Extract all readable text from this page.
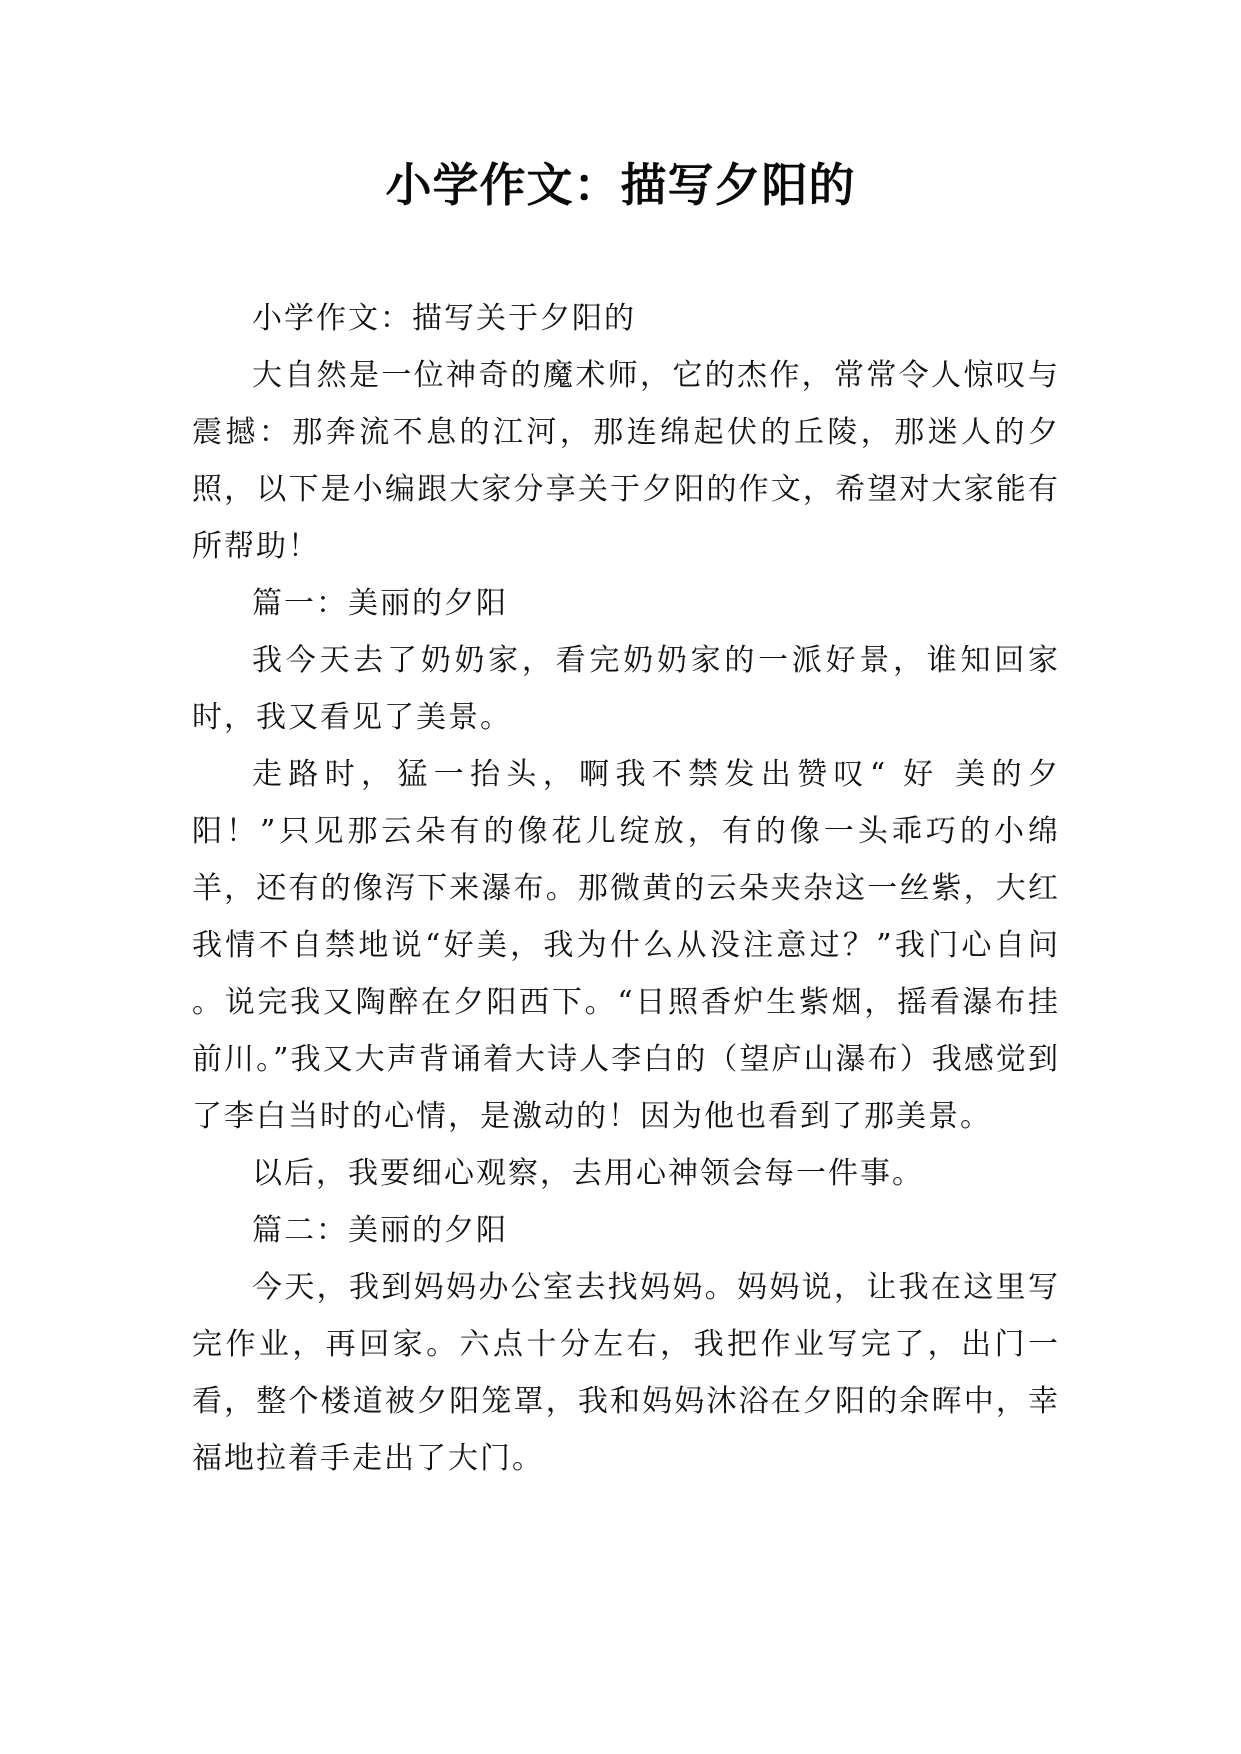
小学作文：描写夕阳的

小学作文：描写关于夕阳的

大自然是一位神奇的魔术师，它的杰作，常常令人惊叹与震撼：那奔流不息的江河，那连绵起伏的丘陵，那迷人的夕照，以下是小编跟大家分享关于夕阳的作文，希望对大家能有所帮助！

篇一：美丽的夕阳

我今天去了奶奶家，看完奶奶家的一派好景，谁知回家时，我又看见了美景。

走路时，猛一抬头，啊我不禁发出赞叹“ 好 美的夕阳！”只见那云朵有的像花儿绽放，有的像一头乖巧的小绵羊，还有的像泻下来瀑布。那微黄的云朵夹杂这一丝紫，大红我情不自禁地说“好美，我为什么从没注意过？”我门心自问 。说完我又陶醉在夕阳西下。“日照香炉生紫烟，摇看瀑布挂前川。”我又大声背诵着大诗人李白的（望庐山瀑布）我感觉到了李白当时的心情，是激动的！因为他也看到了那美景。

以后，我要细心观察，去用心神领会每一件事。

篇二：美丽的夕阳

今天，我到妈妈办公室去找妈妈。妈妈说，让我在这里写完作业，再回家。六点十分左右，我把作业写完了，出门一看，整个楼道被夕阳笼罩，我和妈妈沐浴在夕阳的余晖中，幸福地拉着手走出了大门。
